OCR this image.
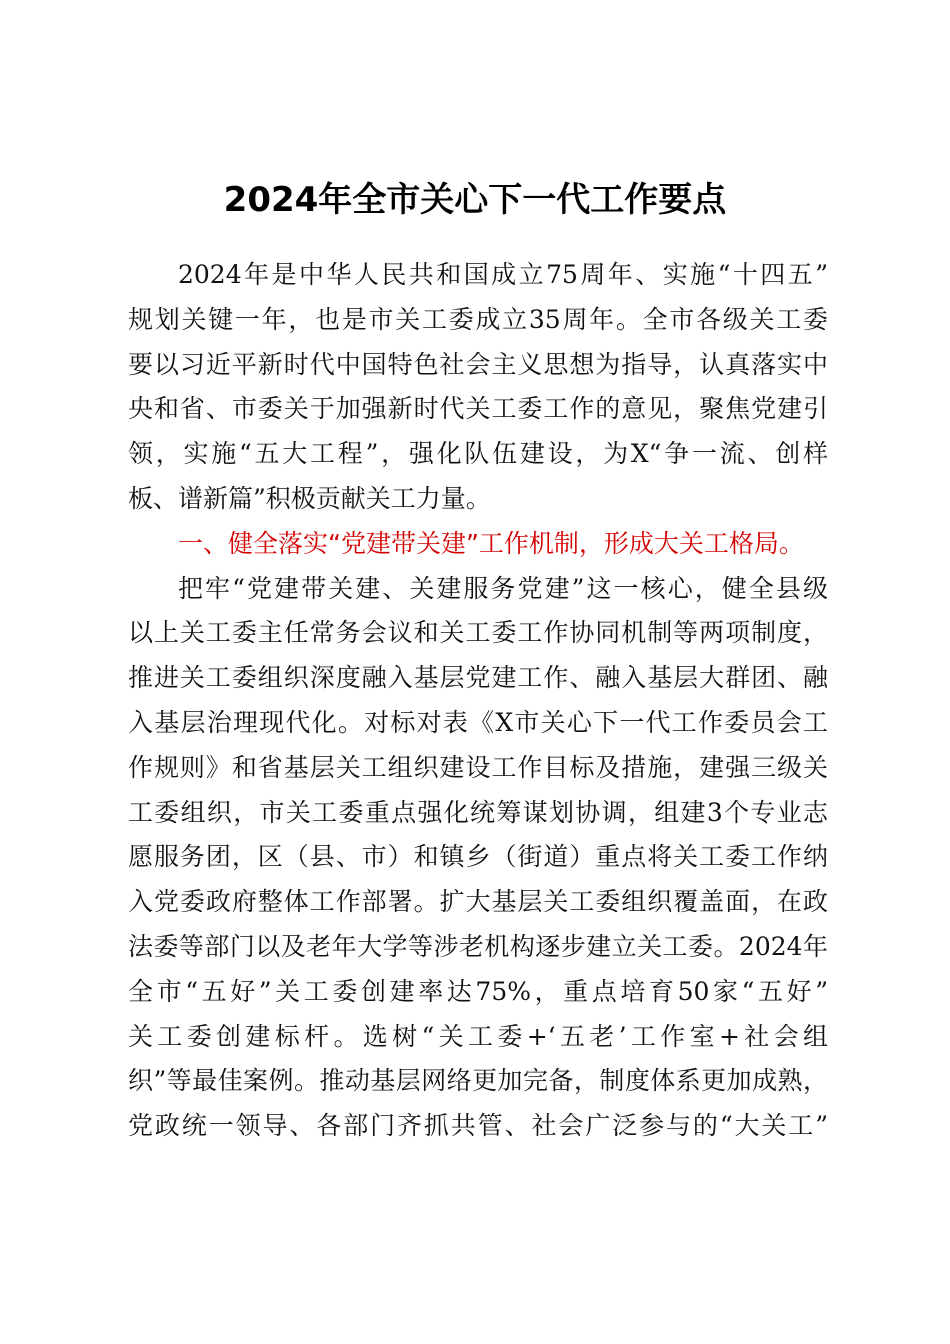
2024年全市关心下一代工作要点
2024年是中华人民共和国成立75周年、实施“十四五”
规划关键一年，也是市关工委成立35周年。全市各级关工委
要以习近平新时代中国特色社会主义思想为指导，认真落实中
央和省、市委关于加强新时代关工委工作的意见，聚焦党建引
领，实施“五大工程”，强化队伍建设，为X“争一流、创样
板、谱新篇”积极贡献关工力量。
一、健全落实“党建带关建”工作机制，形成大关工格局。
把牢“党建带关建、关建服务党建”这一核心，健全县级
以上关工委主任常务会议和关工委工作协同机制等两项制度，
推进关工委组织深度融入基层党建工作、融入基层大群团、融
入基层治理现代化。对标对表《X市关心下一代工作委员会工
作规则》和省基层关工组织建设工作目标及措施，建强三级关
工委组织，市关工委重点强化统筹谋划协调，组建3个专业志
愿服务团，区（县、市）和镇乡（街道）重点将关工委工作纳
入党委政府整体工作部署。扩大基层关工委组织覆盖面，在政
法委等部门以及老年大学等涉老机构逐步建立关工委。2024年
全市“五好”关工委创建率达75%，重点培育50家“五好”
关工委创建标杆。选树“关工委+‘五老’工作室+社会组
织”等最佳案例。推动基层网络更加完备，制度体系更加成熟，
党政统一领导、各部门齐抓共管、社会广泛参与的“大关工”
